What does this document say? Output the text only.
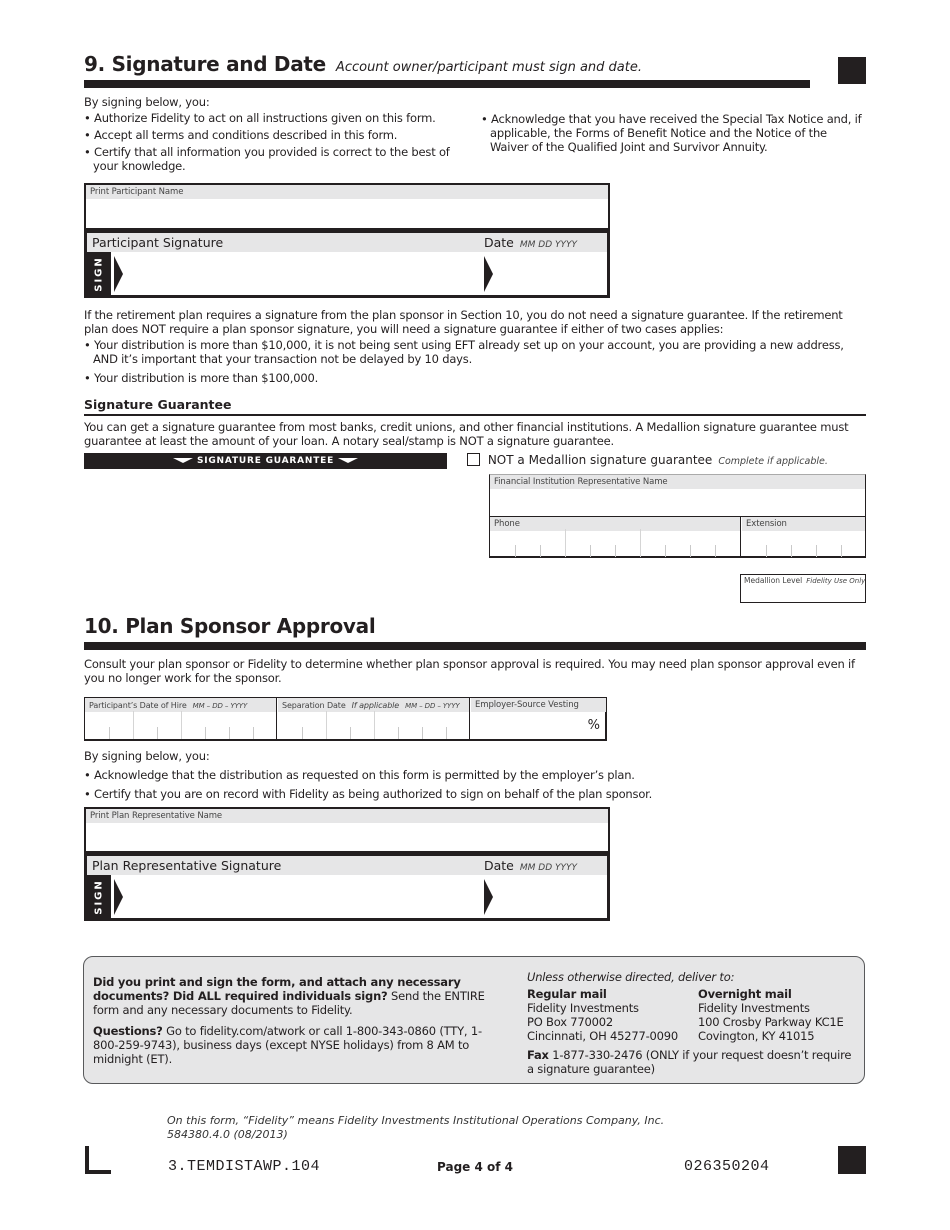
9. Signature and Date Account owner/participant must sign and date.
By signing below, you:
• Authorize Fidelity to act on all instructions given on this form.
• Accept all terms and conditions described in this form.
• Certify that all information you provided is correct to the best of your knowledge.
• Acknowledge that you have received the Special Tax Notice and, if applicable, the Forms of Benefit Notice and the Notice of the Waiver of the Qualified Joint and Survivor Annuity.
Print Participant Name
Participant Signature	Date MM DD YYYY
SIGN
If the retirement plan requires a signature from the plan sponsor in Section 10, you do not need a signature guarantee. If the retirement plan does NOT require a plan sponsor signature, you will need a signature guarantee if either of two cases applies:
• Your distribution is more than $10,000, it is not being sent using EFT already set up on your account, you are providing a new address, AND it’s important that your transaction not be delayed by 10 days.
• Your distribution is more than $100,000.
Signature Guarantee
You can get a signature guarantee from most banks, credit unions, and other financial institutions. A Medallion signature guarantee must guarantee at least the amount of your loan. A notary seal/stamp is NOT a signature guarantee.
SIGNATURE GUARANTEE	NOT a Medallion signature guarantee Complete if applicable.
Financial Institution Representative Name
Phone	Extension
Medallion Level Fidelity Use Only
10. Plan Sponsor Approval
Consult your plan sponsor or Fidelity to determine whether plan sponsor approval is required. You may need plan sponsor approval even if you no longer work for the sponsor.
Participant’s Date of Hire MM – DD – YYYY	Separation Date If applicable MM – DD – YYYY	Employer-Source Vesting
%
By signing below, you:
• Acknowledge that the distribution as requested on this form is permitted by the employer’s plan.
• Certify that you are on record with Fidelity as being authorized to sign on behalf of the plan sponsor.
Print Plan Representative Name
Plan Representative Signature	Date MM DD YYYY
SIGN
Did you print and sign the form, and attach any necessary documents? Did ALL required individuals sign? Send the ENTIRE form and any necessary documents to Fidelity.
Questions? Go to fidelity.com/atwork or call 1-800-343-0860 (TTY, 1-800-259-9743), business days (except NYSE holidays) from 8 AM to midnight (ET).
Unless otherwise directed, deliver to:
Regular mail
Fidelity Investments
PO Box 770002
Cincinnati, OH 45277-0090
Overnight mail
Fidelity Investments
100 Crosby Parkway KC1E
Covington, KY 41015
Fax 1-877-330-2476 (ONLY if your request doesn’t require a signature guarantee)
On this form, “Fidelity” means Fidelity Investments Institutional Operations Company, Inc.
584380.4.0 (08/2013)
3.TEMDISTAWP.104	Page 4 of 4	026350204
